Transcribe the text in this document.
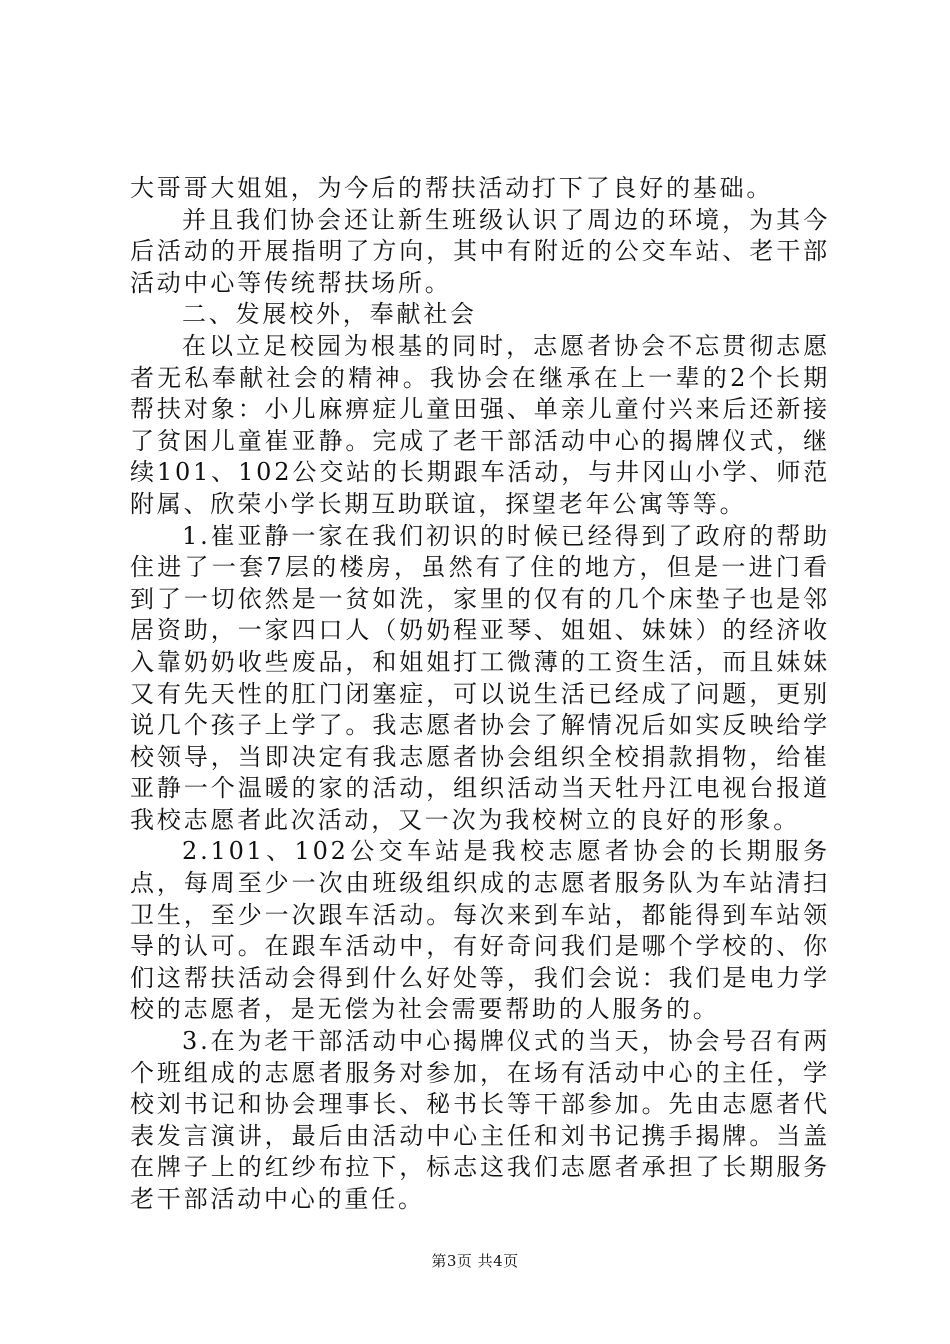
大哥哥大姐姐，为今后的帮扶活动打下了良好的基础。

并且我们协会还让新生班级认识了周边的环境，为其今后活动的开展指明了方向，其中有附近的公交车站、老干部活动中心等传统帮扶场所。

二、发展校外，奉献社会

在以立足校园为根基的同时，志愿者协会不忘贯彻志愿者无私奉献社会的精神。我协会在继承在上一辈的2个长期帮扶对象：小儿麻痹症儿童田强、单亲儿童付兴来后还新接了贫困儿童崔亚静。完成了老干部活动中心的揭牌仪式，继续101、102公交站的长期跟车活动，与井冈山小学、师范附属、欣荣小学长期互助联谊，探望老年公寓等等。

1.崔亚静一家在我们初识的时候已经得到了政府的帮助住进了一套7层的楼房，虽然有了住的地方，但是一进门看到了一切依然是一贫如洗，家里的仅有的几个床垫子也是邻居资助，一家四口人（奶奶程亚琴、姐姐、妹妹）的经济收入靠奶奶收些废品，和姐姐打工微薄的工资生活，而且妹妹又有先天性的肛门闭塞症，可以说生活已经成了问题，更别说几个孩子上学了。我志愿者协会了解情况后如实反映给学校领导，当即决定有我志愿者协会组织全校捐款捐物，给崔亚静一个温暖的家的活动，组织活动当天牡丹江电视台报道我校志愿者此次活动，又一次为我校树立的良好的形象。

2.101、102公交车站是我校志愿者协会的长期服务点，每周至少一次由班级组织成的志愿者服务队为车站清扫卫生，至少一次跟车活动。每次来到车站，都能得到车站领导的认可。在跟车活动中，有好奇问我们是哪个学校的、你们这帮扶活动会得到什么好处等，我们会说：我们是电力学校的志愿者，是无偿为社会需要帮助的人服务的。

3.在为老干部活动中心揭牌仪式的当天，协会号召有两个班组成的志愿者服务对参加，在场有活动中心的主任，学校刘书记和协会理事长、秘书长等干部参加。先由志愿者代表发言演讲，最后由活动中心主任和刘书记携手揭牌。当盖在牌子上的红纱布拉下，标志这我们志愿者承担了长期服务老干部活动中心的重任。

第3页 共4页
